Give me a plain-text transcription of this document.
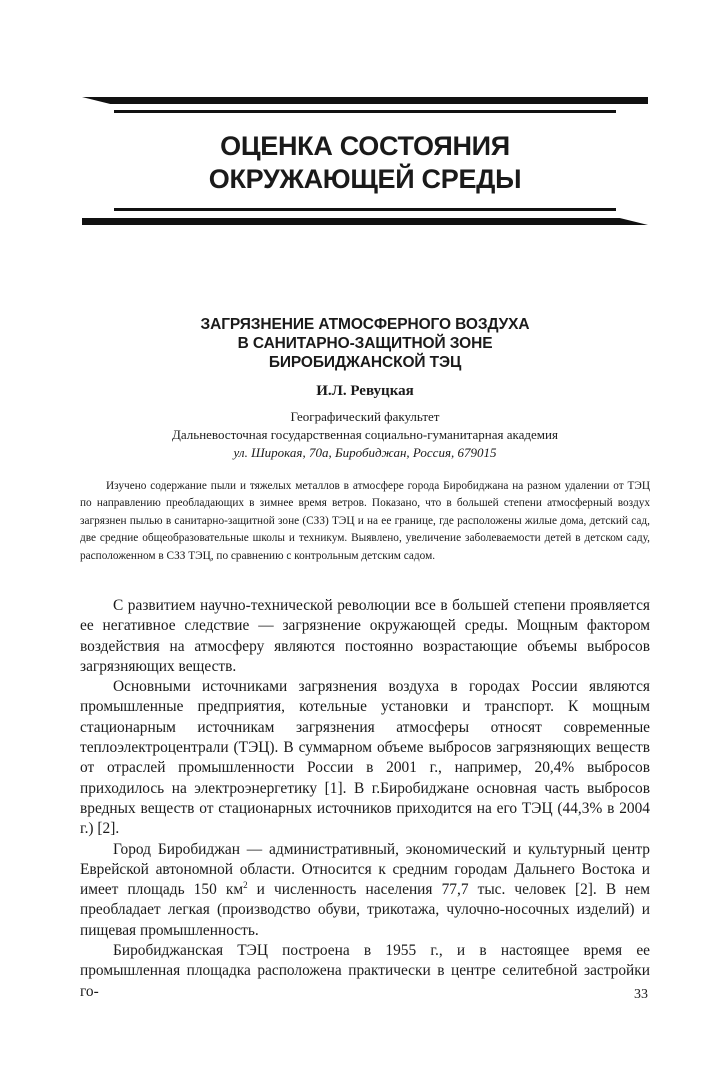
ОЦЕНКА СОСТОЯНИЯ
ОКРУЖАЮЩЕЙ СРЕДЫ
ЗАГРЯЗНЕНИЕ АТМОСФЕРНОГО ВОЗДУХА
В САНИТАРНО-ЗАЩИТНОЙ ЗОНЕ
БИРОБИДЖАНСКОЙ ТЭЦ
И.Л. Ревуцкая
Географический факультет
Дальневосточная государственная социально-гуманитарная академия
ул. Широкая, 70а, Биробиджан, Россия, 679015

Изучено содержание пыли и тяжелых металлов в атмосфере города Биробиджана на разном удалении от ТЭЦ по направлению преобладающих в зимнее время ветров. Показано, что в большей степени атмосферный воздух загрязнен пылью в санитарно-защитной зоне (СЗЗ) ТЭЦ и на ее границе, где расположены жилые дома, детский сад, две средние общеобразовательные школы и техникум. Выявлено, увеличение заболеваемости детей в детском саду, расположенном в СЗЗ ТЭЦ, по сравнению с контрольным детским садом.

С развитием научно-технической революции все в большей степени проявляется ее негативное следствие — загрязнение окружающей среды. Мощным фактором воздействия на атмосферу являются постоянно возрастающие объемы выбросов загрязняющих веществ.

Основными источниками загрязнения воздуха в городах России являются промышленные предприятия, котельные установки и транспорт. К мощным стационарным источникам загрязнения атмосферы относят современные теплоэлектроцентрали (ТЭЦ). В суммарном объеме выбросов загрязняющих веществ от отраслей промышленности России в 2001 г., например, 20,4% выбросов приходилось на электроэнергетику [1]. В г.Биробиджане основная часть выбросов вредных веществ от стационарных источников приходится на его ТЭЦ (44,3% в 2004 г.) [2].

Город Биробиджан — административный, экономический и культурный центр Еврейской автономной области. Относится к средним городам Дальнего Востока и имеет площадь 150 $км^2$ и численность населения 77,7 тыс. человек [2]. В нем преобладает легкая (производство обуви, трикотажа, чулочно-носочных изделий) и пищевая промышленность.

Биробиджанская ТЭЦ построена в 1955 г., и в настоящее время ее промышленная площадка расположена практически в центре селитебной застройки го-	33
